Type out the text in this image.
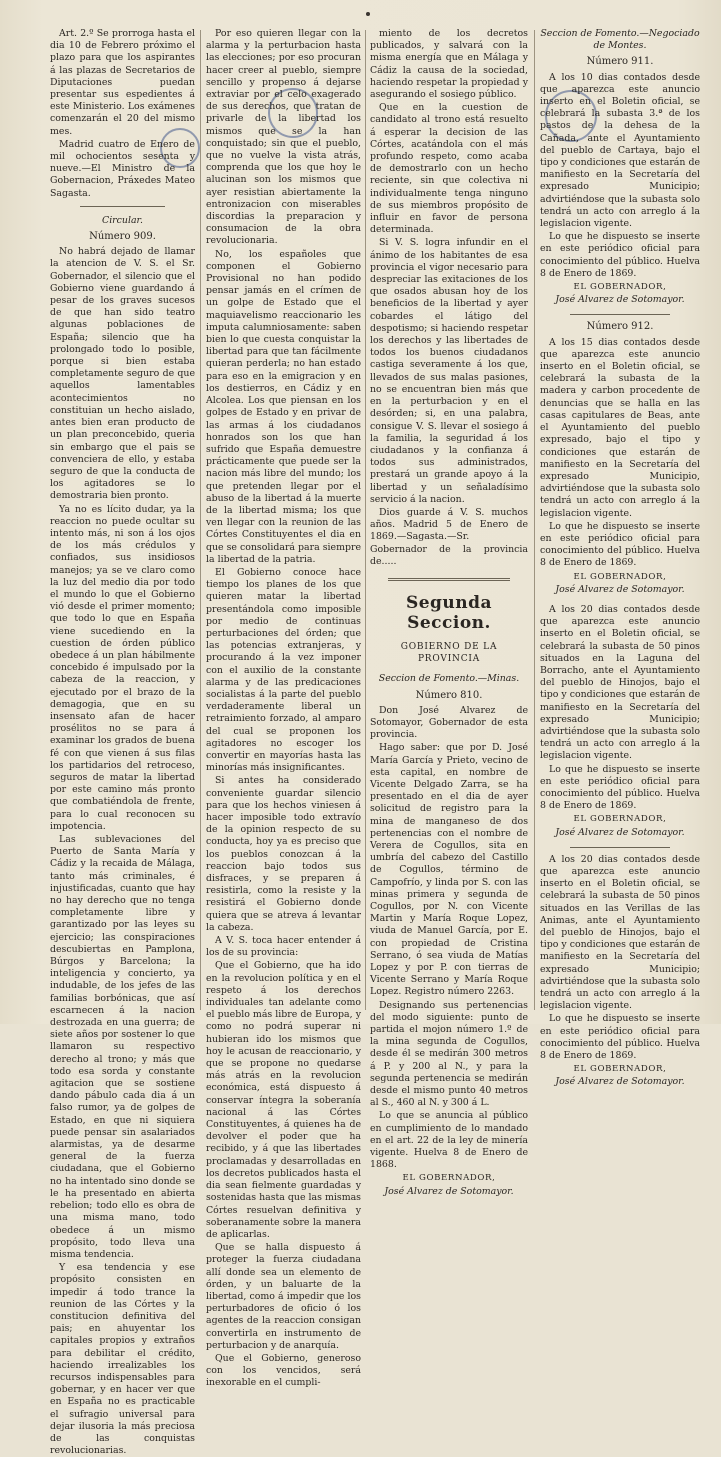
Art. 2.º Se prorroga hasta el dia 10 de Febrero próximo el plazo para que los aspirantes á las plazas de Secretarios de Diputaciones puedan presentar sus espedientes á este Ministerio. Los exámenes comenzarán el 20 del mismo mes.

Madrid cuatro de Enero de mil ochocientos sesenta y nueve.—El Ministro de la Gobernacion, Práxedes Mateo Sagasta.

Circular.

Número 909.

No habrá dejado de llamar la atencion de V. S. el Sr. Gobernador, el silencio que el Gobierno viene guardando á pesar de los graves sucesos de que han sido teatro algunas poblaciones de España; silencio que ha prolongado todo lo posible, porque si bien estaba completamente seguro de que aquellos lamentables acontecimientos no constituian un hecho aislado, antes bien eran producto de un plan preconcebido, queria sin embargo que el pais se convenciera de ello, y estaba seguro de que la conducta de los agitadores se lo demostraria bien pronto.

Ya no es lícito dudar, ya la reaccion no puede ocultar su intento más, ni son á los ojos de los más crédulos y confiados, sus insidiosos manejos; ya se ve claro como la luz del medio dia por todo el mundo lo que el Gobierno vió desde el primer momento; que todo lo que en España viene sucediendo en la cuestion de órden público obedece á un plan hábilmente concebido é impulsado por la cabeza de la reaccion, y ejecutado por el brazo de la demagogia, que en su insensato afan de hacer prosélitos no se para á examinar los grados de buena fé con que vienen á sus filas los partidarios del retroceso, seguros de matar la libertad por este camino más pronto que combatiéndola de frente, para lo cual reconocen su impotencia.

Las sublevaciones del Puerto de Santa María y Cádiz y la recaida de Málaga, tanto más criminales, é injustificadas, cuanto que hay no hay derecho que no tenga completamente libre y garantizado por las leyes su ejercicio; las conspiraciones descubiertas en Pamplona, Búrgos y Barcelona; la inteligencia y concierto, ya indudable, de los jefes de las familias borbónicas, que así escarnecen á la nacion destrozada en una guerra; de siete años por sostener lo que llamaron su respectivo derecho al trono; y más que todo esa sorda y constante agitacion que se sostiene dando pábulo cada dia á un falso rumor, ya de golpes de Estado, en que ni siquiera puede pensar sin asalariados alarmistas, ya de desarme general de la fuerza ciudadana, que el Gobierno no ha intentado sino donde se le ha presentado en abierta rebelion; todo ello es obra de una misma mano, todo obedece á un mismo propósito, todo lleva una misma tendencia.

Y esa tendencia y ese propósito consisten en impedir á todo trance la reunion de las Córtes y la constitucion definitiva del pais; en ahuyentar los capitales propios y extraños para debilitar el crédito, haciendo irrealizables los recursos indispensables para gobernar, y en hacer ver que en España no es practicable el sufragio universal para dejar ilusoria la más preciosa de las conquistas revolucionarias.

Por eso quieren llegar con la alarma y la perturbacion hasta las elecciones; por eso procuran hacer creer al pueblo, siempre sencillo y propenso á dejarse extraviar por el celo exagerado de sus derechos, que tratan de privarle de la libertad los mismos que se la han conquistado; sin que el pueblo, que no vuelve la vista atrás, comprenda que los que hoy le alucinan son los mismos que ayer resistian abiertamente la entronizacion con miserables discordias la preparacion y consumacion de la obra revolucionaria.

No, los españoles que componen el Gobierno Provisional no han podido pensar jamás en el crímen de un golpe de Estado que el maquiavelismo reaccionario les imputa calumniosamente: saben bien lo que cuesta conquistar la libertad para que tan fácilmente quieran perderla; no han estado para eso en la emigracion y en los destierros, en Cádiz y en Alcolea. Los que piensan en los golpes de Estado y en privar de las armas á los ciudadanos honrados son los que han sufrido que España demuestre prácticamente que puede ser la nacion más libre del mundo; los que pretenden llegar por el abuso de la libertad á la muerte de la libertad misma; los que ven llegar con la reunion de las Córtes Constituyentes el dia en que se consolidará para siempre la libertad de la patria.

El Gobierno conoce hace tiempo los planes de los que quieren matar la libertad presentándola como imposible por medio de continuas perturbaciones del órden; que las potencias extranjeras, y procurando á la vez imponer con el auxilio de la constante alarma y de las predicaciones socialistas á la parte del pueblo verdaderamente liberal un retraimiento forzado, al amparo del cual se proponen los agitadores no escoger los convertir en mayorías hasta las minorías más insignificantes.

Si antes ha considerado conveniente guardar silencio para que los hechos viniesen á hacer imposible todo extravío de la opinion respecto de su conducta, hoy ya es preciso que los pueblos conozcan á la reaccion bajo todos sus disfraces, y se preparen á resistirla, como la resiste y la resistirá el Gobierno donde quiera que se atreva á levantar la cabeza.

A V. S. toca hacer entender á los de su provincia:

Que el Gobierno, que ha ido en la revolucion política y en el respeto á los derechos individuales tan adelante como el pueblo más libre de Europa, y como no podrá superar ni hubieran ido los mismos que hoy le acusan de reaccionario, y que se propone no quedarse más atrás en la revolucion económica, está dispuesto á conservar íntegra la soberanía nacional á las Córtes Constituyentes, á quienes ha de devolver el poder que ha recibido, y á que las libertades proclamadas y desarrolladas en los decretos publicados hasta el dia sean fielmente guardadas y sostenidas hasta que las mismas Córtes resuelvan definitiva y soberanamente sobre la manera de aplicarlas.

Que se halla dispuesto á proteger la fuerza ciudadana allí donde sea un elemento de órden, y un baluarte de la libertad, como á impedir que los perturbadores de oficio ó los agentes de la reaccion consigan convertirla en instrumento de perturbacion y de anarquía.

Que el Gobierno, generoso con los vencidos, será inexorable en el cumpli-

miento de los decretos publicados, y salvará con la misma energía que en Málaga y Cádiz la causa de la sociedad, haciendo respetar la propiedad y asegurando el sosiego público.

Que en la cuestion de candidato al trono está resuelto á esperar la decision de las Córtes, acatándola con el más profundo respeto, como acaba de demostrarlo con un hecho reciente, sin que colectiva ni individualmente tenga ninguno de sus miembros propósito de influir en favor de persona determinada.

Si V. S. logra infundir en el ánimo de los habitantes de esa provincia el vigor necesario para despreciar las exitaciones de los que osados abusan hoy de los beneficios de la libertad y ayer cobardes el látigo del despotismo; si haciendo respetar los derechos y las libertades de todos los buenos ciudadanos castiga severamente á los que, llevados de sus malas pasiones, no se encuentran bien más que en la perturbacion y en el desórden; si, en una palabra, consigue V. S. llevar el sosiego á la familia, la seguridad á los ciudadanos y la confianza á todos sus administrados, prestará un grande apoyo á la libertad y un señaladísimo servicio á la nacion.

Dios guarde á V. S. muchos años. Madrid 5 de Enero de 1869.—Sagasta.—Sr. Gobernador de la provincia de.....

Segunda Seccion.

GOBIERNO DE LA PROVINCIA

Seccion de Fomento.—Minas.

Número 810.

Don José Alvarez de Sotomayor, Gobernador de esta provincia.

Hago saber: que por D. José María García y Prieto, vecino de esta capital, en nombre de Vicente Delgado Zarra, se ha presentado en el dia de ayer solicitud de registro para la mina de manganeso de dos pertenencias con el nombre de Verera de Cogullos, sita en umbría del cabezo del Castillo de Cogullos, término de Campofrío, y linda por S. con las minas primera y segunda de Cogullos, por N. con Vicente Martin y María Roque Lopez, viuda de Manuel García, por E. con propiedad de Cristina Serrano, ó sea viuda de Matías Lopez y por P. con tierras de Vicente Serrano y María Roque Lopez. Registro número 2263.

Designando sus pertenencias del modo siguiente: punto de partida el mojon número 1.º de la mina segunda de Cogullos, desde él se medirán 300 metros á P. y 200 al N., y para la segunda pertenencia se medirán desde el mismo punto 40 metros al S., 460 al N. y 300 á L.

Lo que se anuncia al público en cumplimiento de lo mandado en el art. 22 de la ley de minería vigente. Huelva 8 de Enero de 1868.

EL GOBERNADOR,

José Alvarez de Sotomayor.

Seccion de Fomento.—Negociado de Montes.

Número 911.

A los 10 dias contados desde que aparezca este anuncio inserto en el Boletin oficial, se celebrará la subasta 3.ª de los pastos de la dehesa de la Cañada, ante el Ayuntamiento del pueblo de Cartaya, bajo el tipo y condiciones que estarán de manifiesto en la Secretaría del expresado Municipio; advirtiéndose que la subasta solo tendrá un acto con arreglo á la legislacion vigente.

Lo que he dispuesto se inserte en este periódico oficial para conocimiento del público. Huelva 8 de Enero de 1869.

EL GOBERNADOR,

José Alvarez de Sotomayor.

Número 912.

A los 15 dias contados desde que aparezca este anuncio inserto en el Boletin oficial, se celebrará la subasta de la madera y carbon procedente de denuncias que se halla en las casas capitulares de Beas, ante el Ayuntamiento del pueblo expresado, bajo el tipo y condiciones que estarán de manifiesto en la Secretaría del expresado Municipio, advirtiéndose que la subasta solo tendrá un acto con arreglo á la legislacion vigente.

Lo que he dispuesto se inserte en este periódico oficial para conocimiento del público. Huelva 8 de Enero de 1869.

EL GOBERNADOR,

José Alvarez de Sotomayor.

A los 20 dias contados desde que aparezca este anuncio inserto en el Boletin oficial, se celebrará la subasta de 50 pinos situados en la Laguna del Borracho, ante el Ayuntamiento del pueblo de Hinojos, bajo el tipo y condiciones que estarán de manifiesto en la Secretaría del expresado Municipio; advirtiéndose que la subasta solo tendrá un acto con arreglo á la legislacion vigente.

Lo que he dispuesto se inserte en este periódico oficial para conocimiento del público. Huelva 8 de Enero de 1869.

EL GOBERNADOR,

José Alvarez de Sotomayor.

A los 20 dias contados desde que aparezca este anuncio inserto en el Boletin oficial, se celebrará la subasta de 50 pinos situados en las Verillas de las Animas, ante el Ayuntamiento del pueblo de Hinojos, bajo el tipo y condiciones que estarán de manifiesto en la Secretaría del expresado Municipio; advirtiéndose que la subasta solo tendrá un acto con arreglo á la legislacion vigente.

Lo que he dispuesto se inserte en este periódico oficial para conocimiento del público. Huelva 8 de Enero de 1869.

EL GOBERNADOR,

José Alvarez de Sotomayor.
